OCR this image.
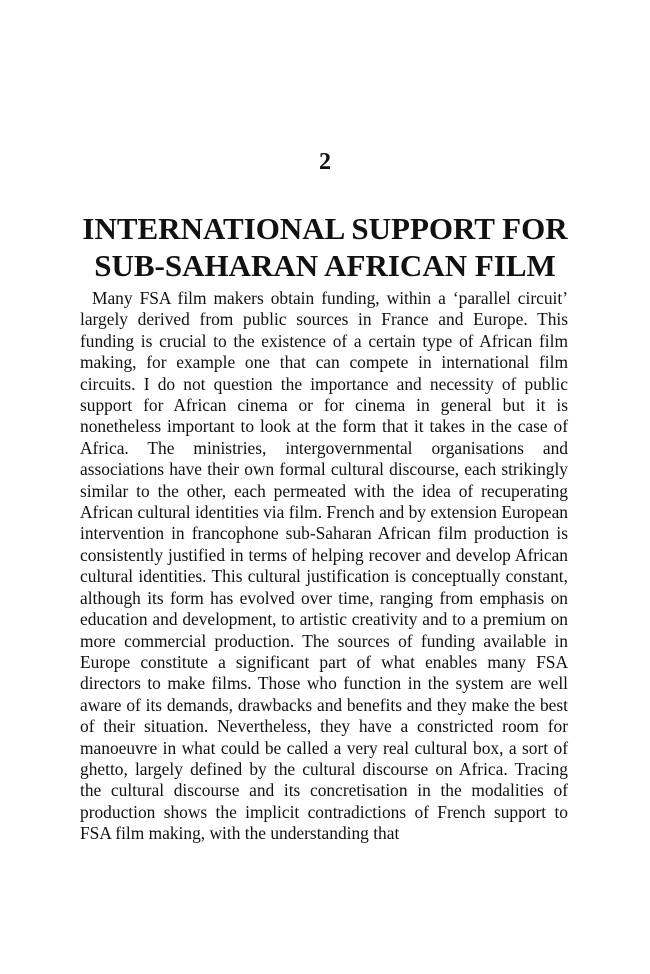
2
INTERNATIONAL SUPPORT FOR
SUB-SAHARAN AFRICAN FILM

Many FSA film makers obtain funding, within a ‘parallel circuit’ largely derived from public sources in France and Europe. This funding is crucial to the existence of a certain type of African film making, for example one that can compete in international film circuits. I do not question the importance and necessity of public support for African cinema or for cinema in general but it is nonetheless important to look at the form that it takes in the case of Africa. The ministries, intergovernmental organisations and associations have their own formal cultural discourse, each strikingly similar to the other, each permeated with the idea of recuperating African cultural identities via film. French and by extension European intervention in francophone sub-Saharan African film production is consistently justified in terms of helping recover and develop African cultural identities. This cultural justification is conceptually constant, although its form has evolved over time, ranging from emphasis on education and development, to artistic creativity and to a premium on more commercial production. The sources of funding available in Europe constitute a significant part of what enables many FSA directors to make films. Those who function in the system are well aware of its demands, drawbacks and benefits and they make the best of their situation. Nevertheless, they have a constricted room for manoeuvre in what could be called a very real cultural box, a sort of ghetto, largely defined by the cultural discourse on Africa. Tracing the cultural discourse and its concretisation in the modalities of production shows the implicit contradictions of French support to FSA film making, with the understanding that
